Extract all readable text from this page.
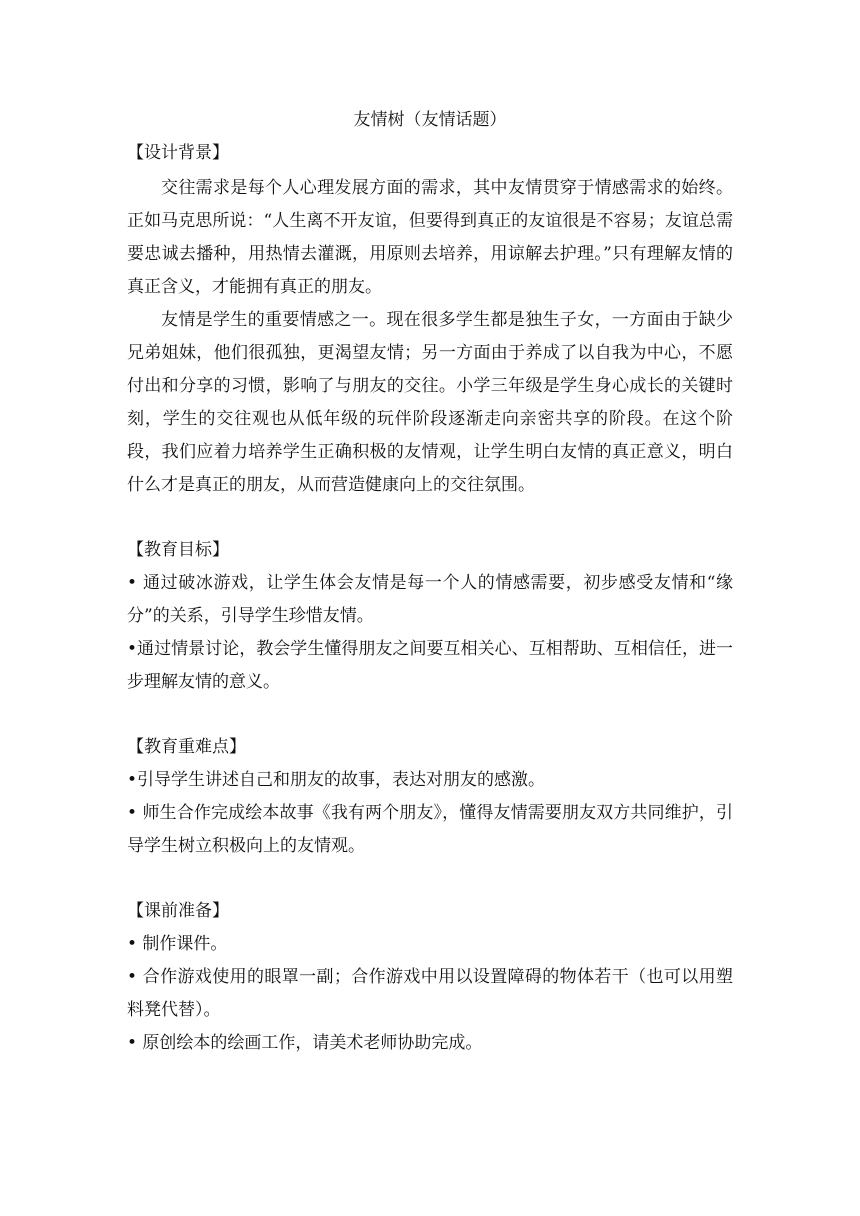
友情树（友情话题）

【设计背景】

交往需求是每个人心理发展方面的需求，其中友情贯穿于情感需求的始终。正如马克思所说：“人生离不开友谊，但要得到真正的友谊很是不容易；友谊总需要忠诚去播种，用热情去灌溉，用原则去培养，用谅解去护理。”只有理解友情的真正含义，才能拥有真正的朋友。

友情是学生的重要情感之一。现在很多学生都是独生子女，一方面由于缺少兄弟姐妹，他们很孤独，更渴望友情；另一方面由于养成了以自我为中心，不愿付出和分享的习惯，影响了与朋友的交往。小学三年级是学生身心成长的关键时刻，学生的交往观也从低年级的玩伴阶段逐渐走向亲密共享的阶段。在这个阶段，我们应着力培养学生正确积极的友情观，让学生明白友情的真正意义，明白什么才是真正的朋友，从而营造健康向上的交往氛围。

【教育目标】

• 通过破冰游戏，让学生体会友情是每一个人的情感需要，初步感受友情和“缘分”的关系，引导学生珍惜友情。

•通过情景讨论，教会学生懂得朋友之间要互相关心、互相帮助、互相信任，进一步理解友情的意义。

【教育重难点】

•引导学生讲述自己和朋友的故事，表达对朋友的感激。

• 师生合作完成绘本故事《我有两个朋友》，懂得友情需要朋友双方共同维护，引导学生树立积极向上的友情观。

【课前准备】

• 制作课件。

• 合作游戏使用的眼罩一副；合作游戏中用以设置障碍的物体若干（也可以用塑料凳代替）。

• 原创绘本的绘画工作，请美术老师协助完成。
